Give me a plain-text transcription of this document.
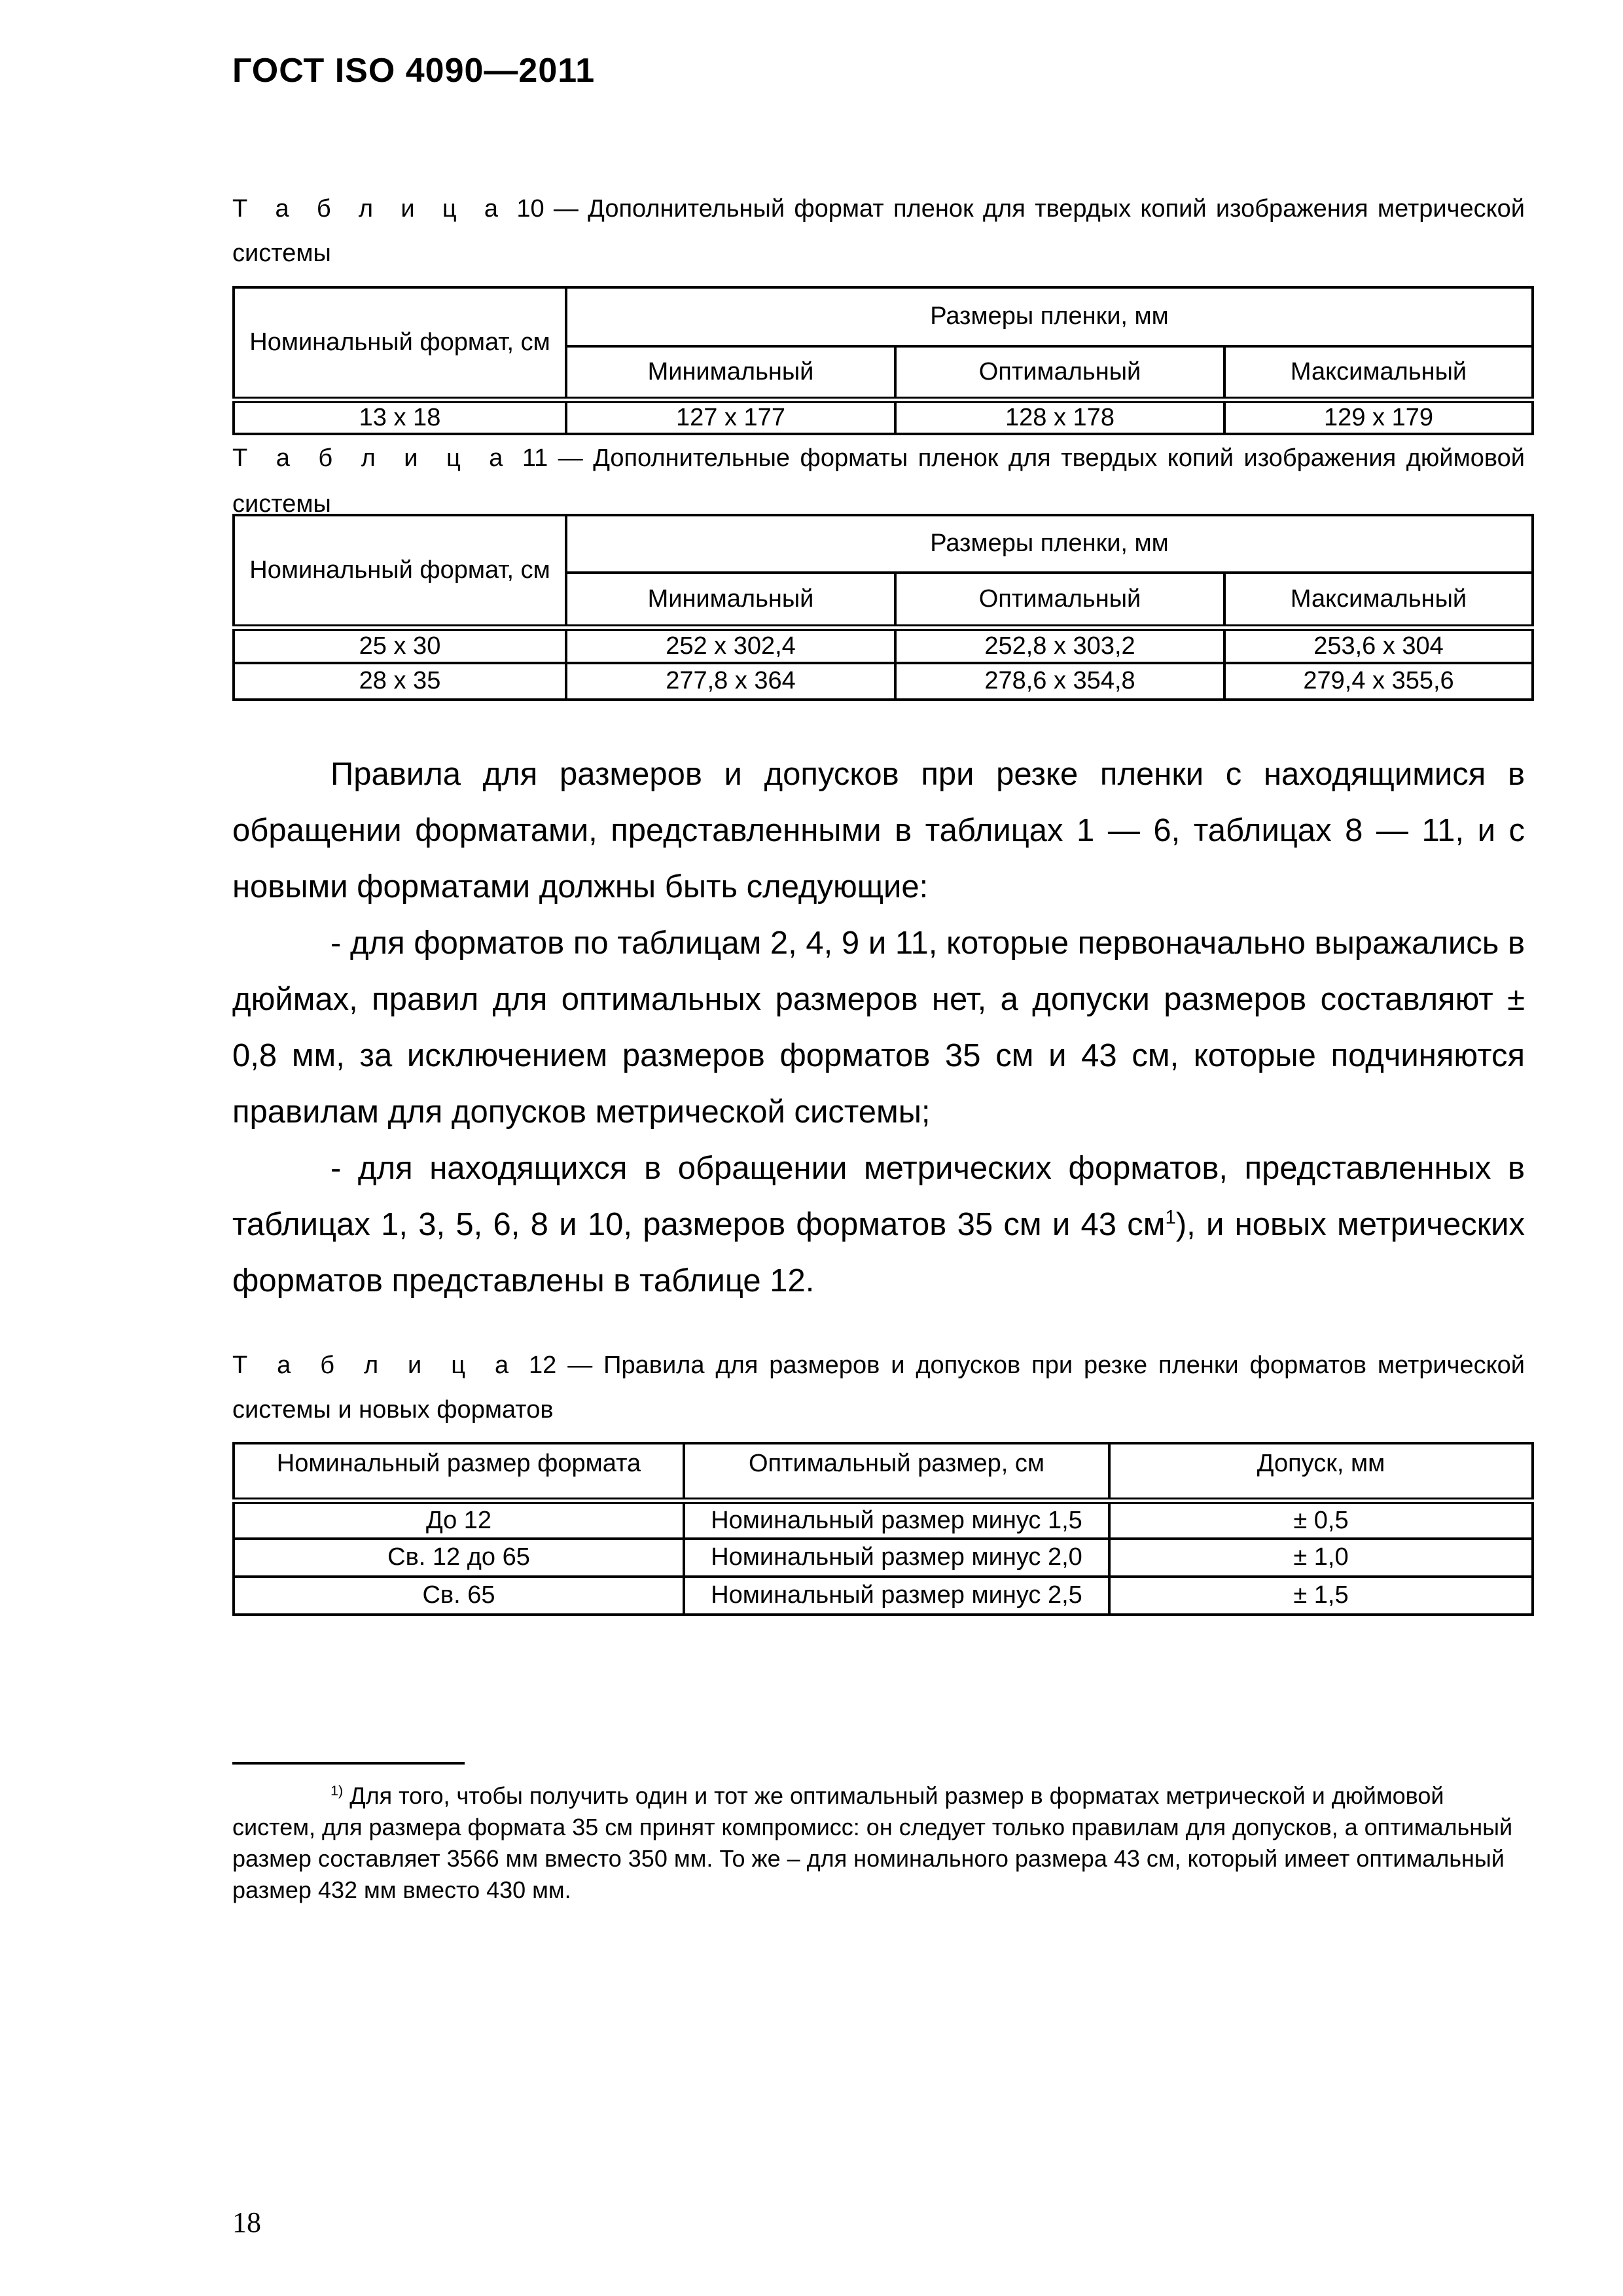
ГОСТ ISO 4090—2011
Т а б л и ц а 10 — Дополнительный формат пленок для твердых копий изображения метрической системы
Номинальный формат, см	Размеры пленки, мм		
	Минимальный	Оптимальный	Максимальный
13 x 18	127 x 177	128 x 178	129 x 179
Т а б л и ц а 11 — Дополнительные форматы пленок для твердых копий изображения дюймовой системы
Номинальный формат, см	Размеры пленки, мм		
	Минимальный	Оптимальный	Максимальный
25 x 30	252 x 302,4	252,8 x 303,2	253,6 x 304
28 x 35	277,8 x 364	278,6 x 354,8	279,4 x 355,6
Правила для размеров и допусков при резке пленки с находящимися в обращении форматами, представленными в таблицах 1 — 6, таблицах 8 — 11, и с новыми форматами должны быть следующие:
- для форматов по таблицам 2, 4, 9 и 11, которые первоначально выражались в дюймах, правил для оптимальных размеров нет, а допуски размеров составляют ± 0,8 мм, за исключением размеров форматов 35 см и 43 см, которые подчиняются правилам для допусков метрической системы;
- для находящихся в обращении метрических форматов, представленных в таблицах 1, 3, 5, 6, 8 и 10, размеров форматов 35 см и 43 $см^1$), и новых метрических форматов представлены в таблице 12.
Т а б л и ц а 12 — Правила для размеров и допусков при резке пленки форматов метрической системы и новых форматов
Номинальный размер формата	Оптимальный размер, см	Допуск, мм
До 12	Номинальный размер минус 1,5	± 0,5
Св. 12 до 65	Номинальный размер минус 2,0	± 1,0
Св. 65	Номинальный размер минус 2,5	± 1,5
$^{1)}$ Для того, чтобы получить один и тот же оптимальный размер в форматах метрической и дюймовой систем, для размера формата 35 см принят компромисс: он следует только правилам для допусков, а оптимальный размер составляет 3566 мм вместо 350 мм. То же – для номинального размера 43 см, который имеет оптимальный размер 432 мм вместо 430 мм.
18
